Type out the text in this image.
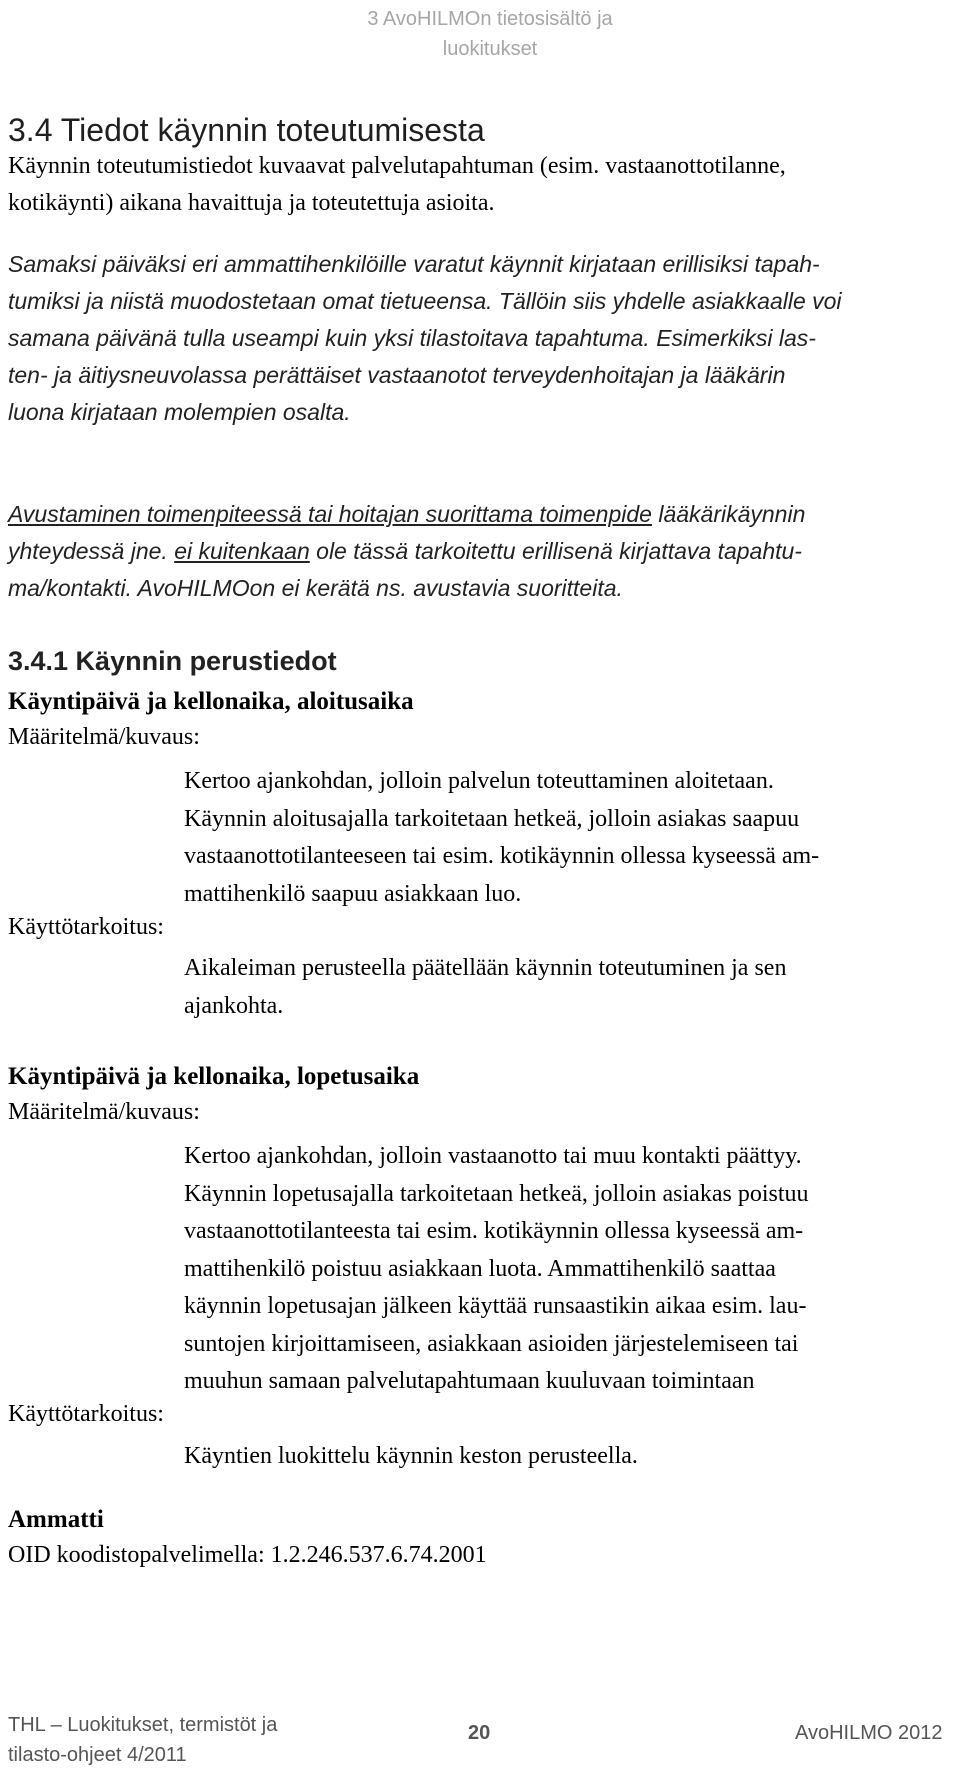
3 AvoHILMOn tietosisältö ja
luokitukset
3.4 Tiedot käynnin toteutumisesta
Käynnin toteutumistiedot kuvaavat palvelutapahtuman (esim. vastaanottotilanne,
kotikäynti) aikana havaittuja ja toteutettuja asioita.
Samaksi päiväksi eri ammattihenkilöille varatut käynnit kirjataan erillisiksi tapah-
tumiksi ja niistä muodostetaan omat tietueensa. Tällöin siis yhdelle asiakkaalle voi
samana päivänä tulla useampi kuin yksi tilastoitava tapahtuma. Esimerkiksi las-
ten- ja äitiysneuvolassa perättäiset vastaanotot terveydenhoitajan ja lääkärin
luona kirjataan molempien osalta.
Avustaminen toimenpiteessä tai hoitajan suorittama toimenpide lääkärikäynnin
yhteydessä jne. ei kuitenkaan ole tässä tarkoitettu erillisenä kirjattava tapahtu-
ma/kontakti. AvoHILMOon ei kerätä ns. avustavia suoritteita.
3.4.1 Käynnin perustiedot
Käyntipäivä ja kellonaika, aloitusaika
Määritelmä/kuvaus:
Kertoo ajankohdan, jolloin palvelun toteuttaminen aloitetaan.
Käynnin aloitusajalla tarkoitetaan hetkeä, jolloin asiakas saapuu
vastaanottotilanteeseen tai esim. kotikäynnin ollessa kyseessä am-
mattihenkilö saapuu asiakkaan luo.
Käyttötarkoitus:
Aikaleiman perusteella päätellään käynnin toteutuminen ja sen
ajankohta.
Käyntipäivä ja kellonaika, lopetusaika
Määritelmä/kuvaus:
Kertoo ajankohdan, jolloin vastaanotto tai muu kontakti päättyy.
Käynnin lopetusajalla tarkoitetaan hetkeä, jolloin asiakas poistuu
vastaanottotilanteesta tai esim. kotikäynnin ollessa kyseessä am-
mattihenkilö poistuu asiakkaan luota. Ammattihenkilö saattaa
käynnin lopetusajan jälkeen käyttää runsaastikin aikaa esim. lau-
suntojen kirjoittamiseen, asiakkaan asioiden järjestelemiseen tai
muuhun samaan palvelutapahtumaan kuuluvaan toimintaan
Käyttötarkoitus:
Käyntien luokittelu käynnin keston perusteella.
Ammatti
OID koodistopalvelimella: 1.2.246.537.6.74.2001
THL – Luokitukset, termistöt ja
tilasto-ohjeet 4/2011
20	AvoHILMO 2012
